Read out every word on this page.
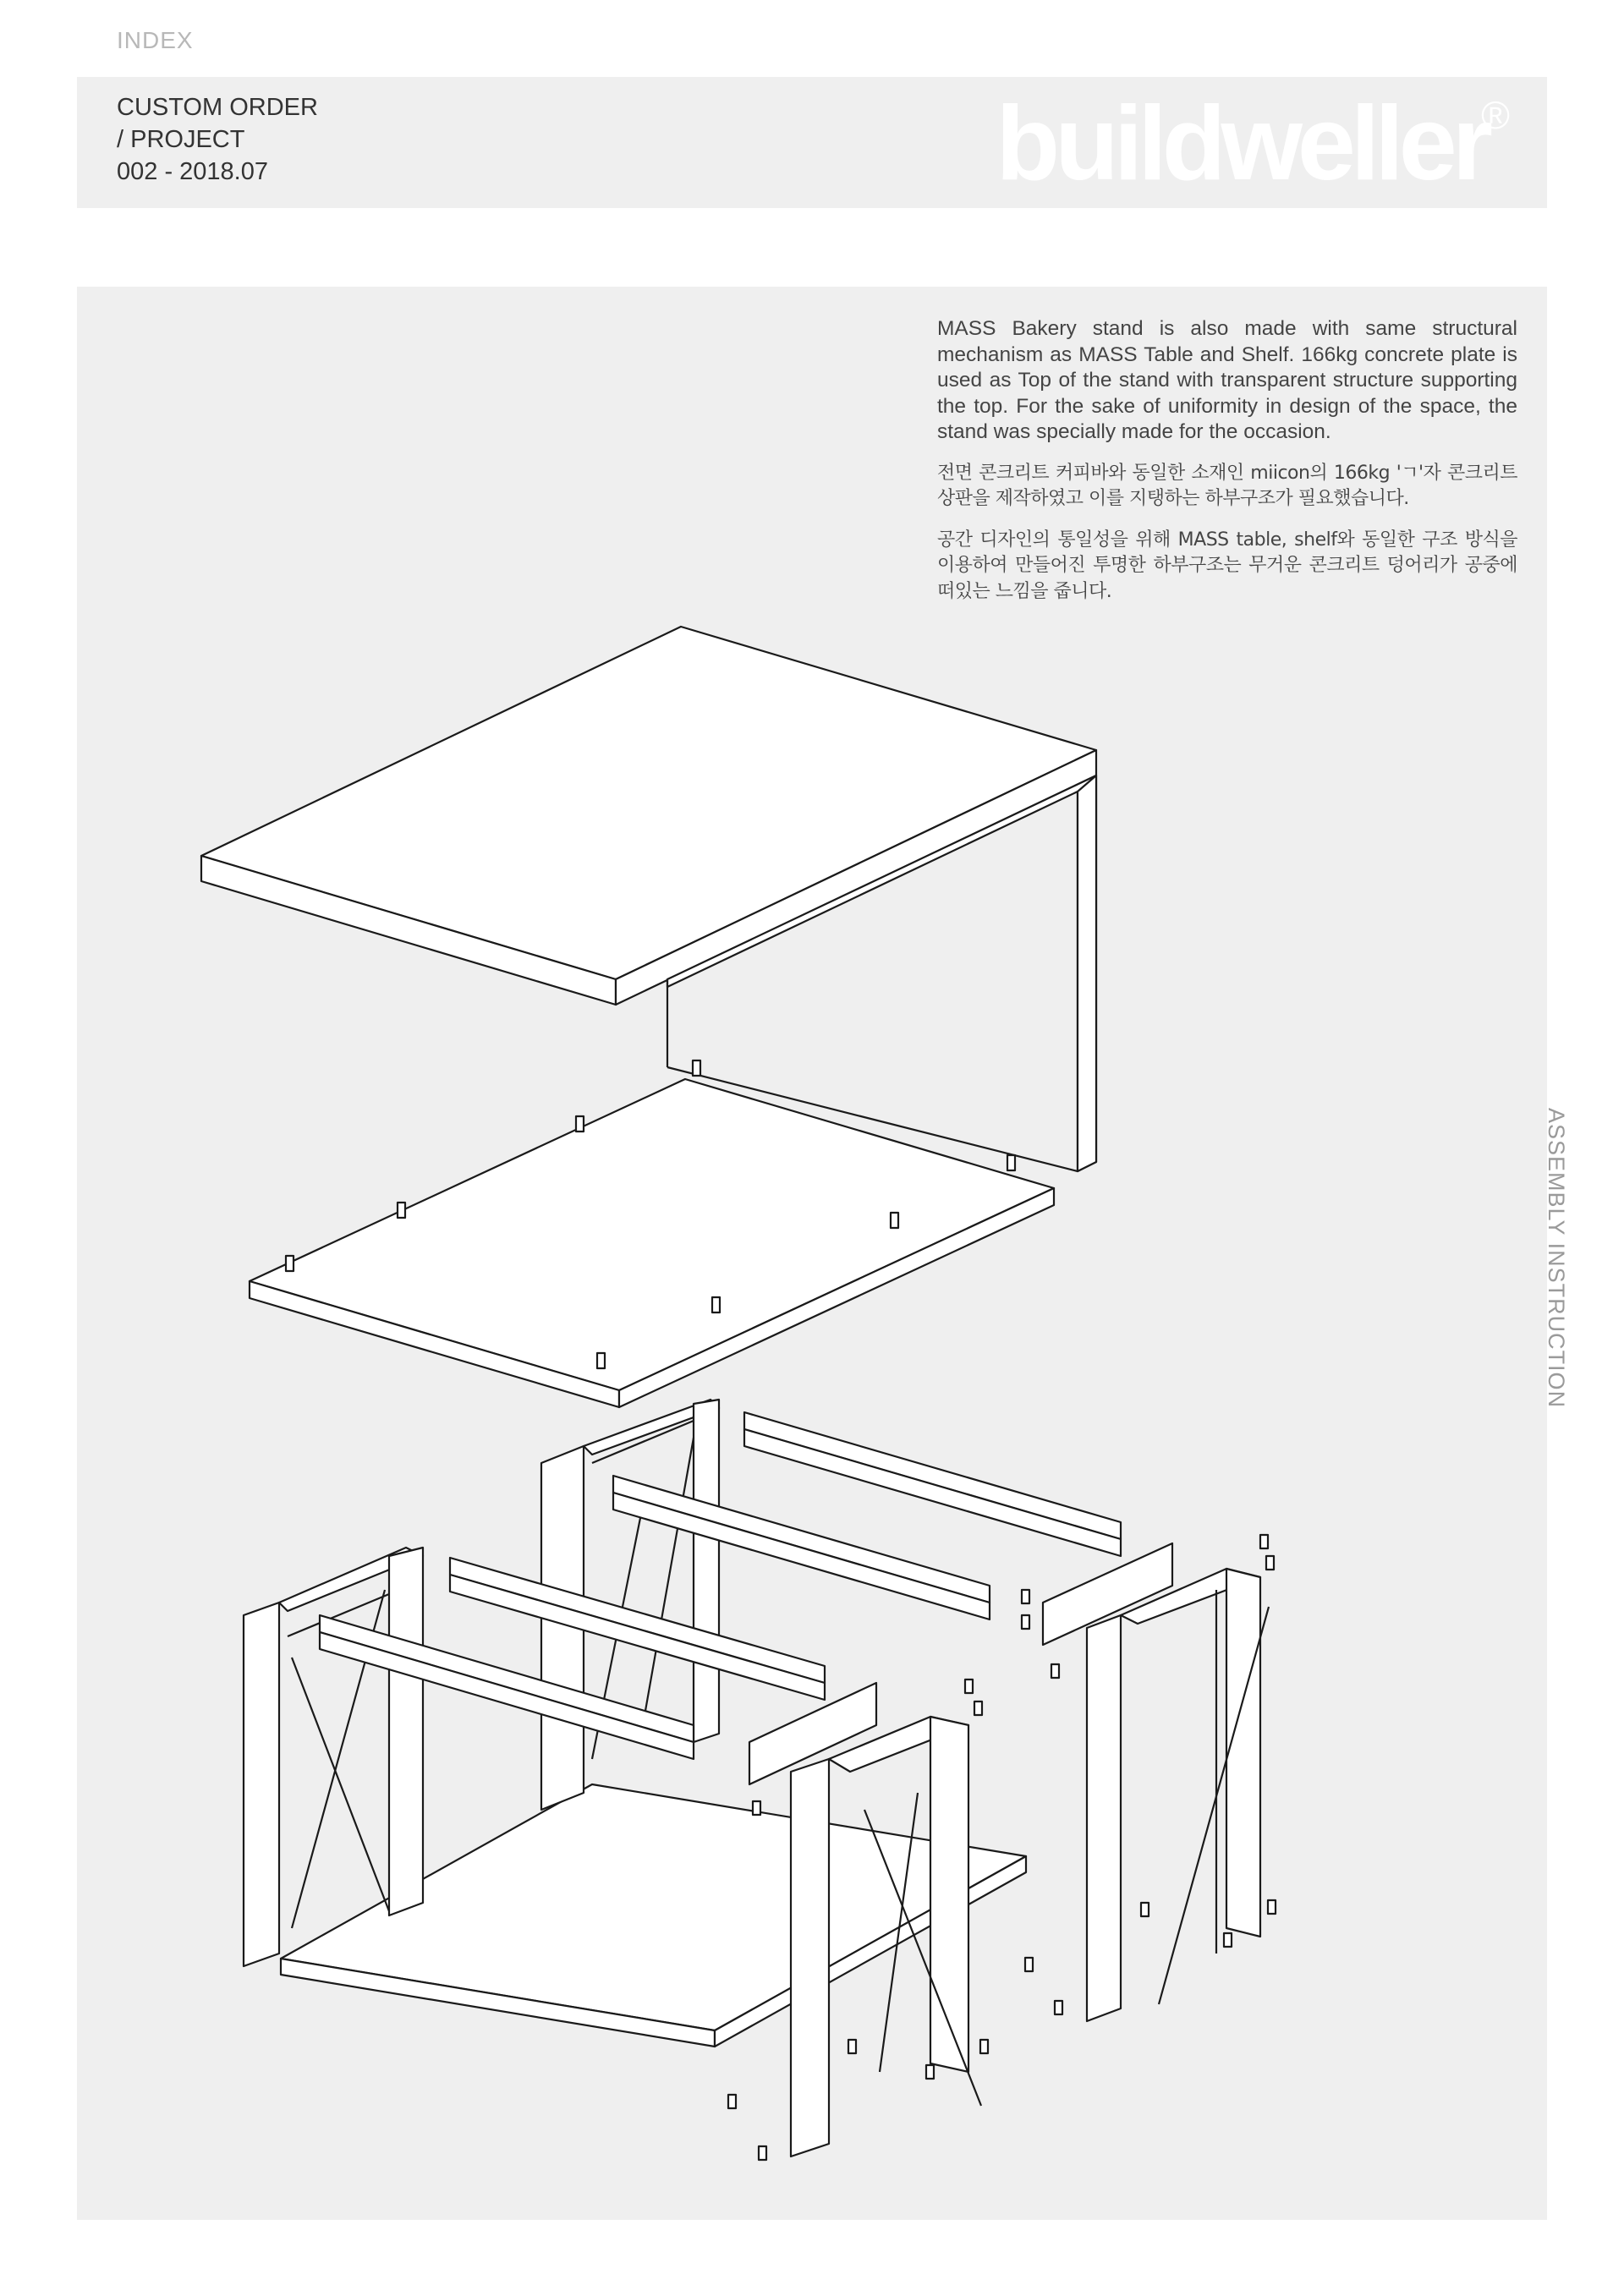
INDEX
CUSTOM ORDER
/ PROJECT
002 - 2018.07	buildweller
®

MASS Bakery stand is also made with same structural mechanism as MASS Table and Shelf. 166kg concrete plate is used as Top of the stand with transparent structure supporting the top. For the sake of uniformity in design of the space, the stand was specially made for the occasion.

전면 콘크리트 커피바와 동일한 소재인 miicon의 166kg 'ㄱ'자 콘크리트 상판을 제작하였고 이를 지탱하는 하부구조가 필요했습니다.

공간 디자인의 통일성을 위해 MASS table, shelf와 동일한 구조 방식을 이용하여 만들어진 투명한 하부구조는 무거운 콘크리트 덩어리가 공중에 떠있는 느낌을 줍니다.

ASSEMBLY INSTRUCTION
